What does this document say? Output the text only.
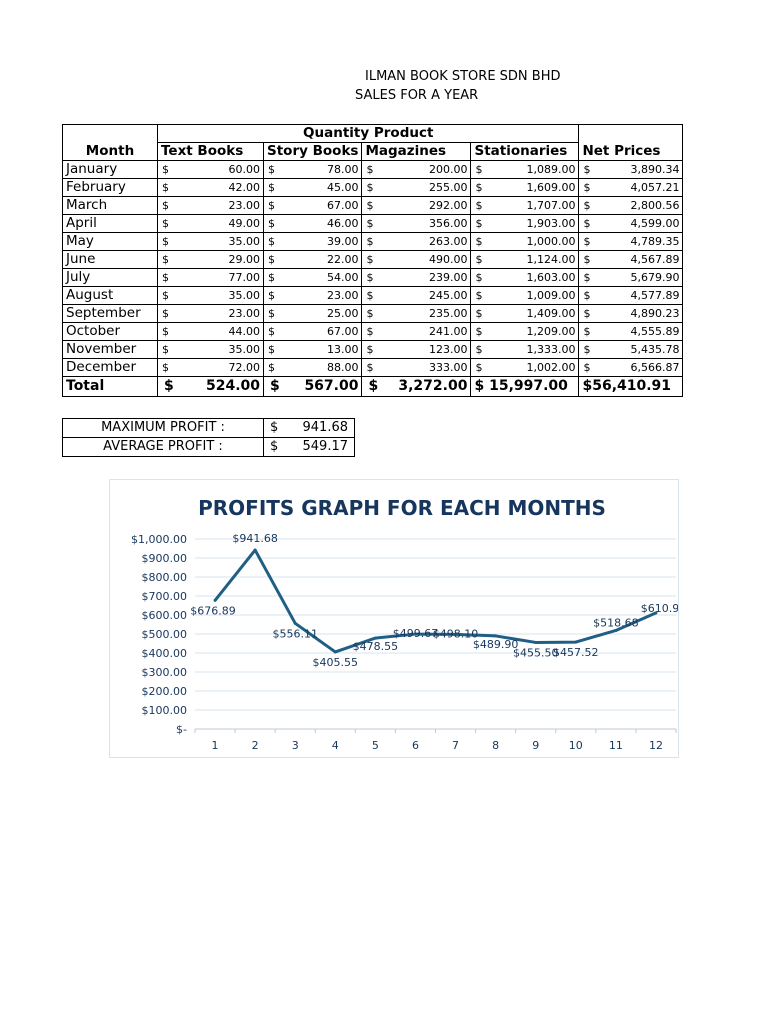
ILMAN BOOK STORE SDN BHD
SALES FOR A YEAR
	Quantity Product				
Month	Text Books	Story Books	Magazines	Stationaries	Net Prices
January	$ 60.00	$ 78.00	$ 200.00	$ 1,089.00	$ 3,890.34

February	$ 42.00	$ 45.00	$ 255.00	$ 1,609.00	$ 4,057.21

March	$ 23.00	$ 67.00	$ 292.00	$ 1,707.00	$ 2,800.56

April	$ 49.00	$ 46.00	$ 356.00	$ 1,903.00	$ 4,599.00

May	$ 35.00	$ 39.00	$ 263.00	$ 1,000.00	$ 4,789.35

June	$ 29.00	$ 22.00	$ 490.00	$ 1,124.00	$ 4,567.89

July	$ 77.00	$ 54.00	$ 239.00	$ 1,603.00	$ 5,679.90

August	$ 35.00	$ 23.00	$ 245.00	$ 1,009.00	$ 4,577.89

September	$ 23.00	$ 25.00	$ 235.00	$ 1,409.00	$ 4,890.23

October	$ 44.00	$ 67.00	$ 241.00	$ 1,209.00	$ 4,555.89

November	$ 35.00	$ 13.00	$ 123.00	$ 1,333.00	$ 5,435.78

December	$ 72.00	$ 88.00	$ 333.00	$ 1,002.00	$ 6,566.87

Total	$ 524.00	$ 567.00	$ 3,272.00	$ 15,997.00	$56,410.91
MAXIMUM PROFIT :	$ 941.68

AVERAGE PROFIT :	$ 549.17
PROFITS GRAPH FOR EACH MONTHS
$-
$100.00
$200.00
$300.00
$400.00
$500.00
$600.00
$700.00
$800.00
$900.00
$1,000.00
1	2	3	4	5	6	7	8	9	10 11 12
$676.89
$941.68
$556.11
$405.55
$478.55
$499.67
$498.10
$489.90
$455.50
$457.52
$518.68
$610.9
